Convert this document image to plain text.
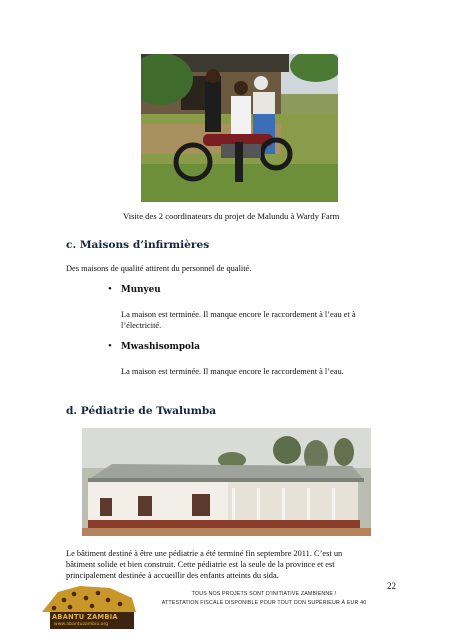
Visite des 2 coordinateurs du projet de Malundu à Wardy Farm
c. Maisons d’infirmières
Des maisons de qualité attirent du personnel de qualité.
• Munyeu
La maison est terminée. Il manque encore le raccordement à l’eau et à
l’électricité.
• Mwashisompola
La maison est terminée. Il manque encore le raccordement à l’eau.
d. Pédiatrie de Twalumba
Le bâtiment destiné à être une pédiatrie a été terminé fin septembre 2011. C’est un
bâtiment solide et bien construit. Cette pédiatrie est la seule de la province et est
principalement destinée à accueillir des enfants atteints du sida.
22
ABANTU ZAMBIA
www.abantuzambia.org
TOUS NOS PROJETS SONT D’INITIATIVE ZAMBIENNE !
ATTESTATION FISCALE DISPONIBLE POUR TOUT DON SUPÉRIEUR À EUR 40
